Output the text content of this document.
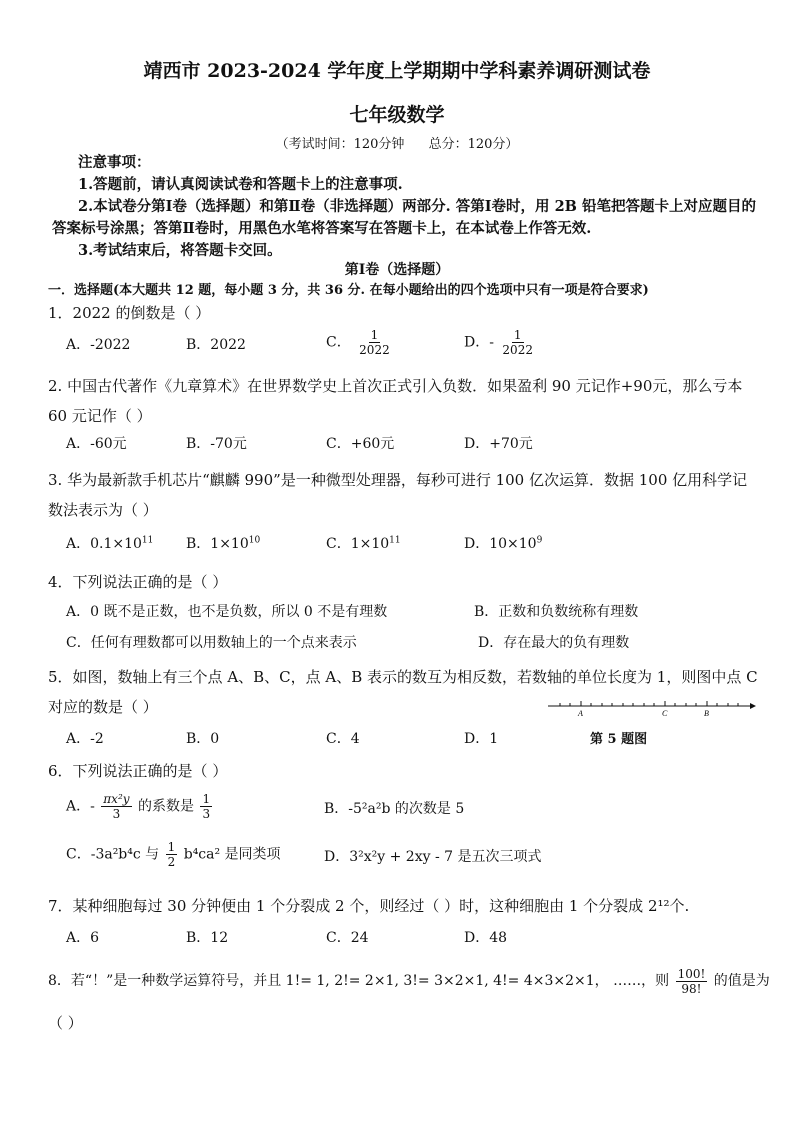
靖西市 2023-2024 学年度上学期期中学科素养调研测试卷
七年级数学
（考试时间：120分钟 总分：120分）
注意事项：
1.答题前，请认真阅读试卷和答题卡上的注意事项.
2.本试卷分第Ⅰ卷（选择题）和第Ⅱ卷（非选择题）两部分. 答第Ⅰ卷时，用 2B 铅笔把答题卡上对应题目的答案标号涂黑；答第Ⅱ卷时，用黑色水笔将答案写在答题卡上，在本试卷上作答无效.
3.考试结束后，将答题卡交回。
第Ⅰ卷（选择题）
一．选择题(本大题共 12 题，每小题 3 分，共 36 分. 在每小题给出的四个选项中只有一项是符合要求)
1．2022 的倒数是（ ）
A．-2022	B．2022	C． $\frac{1}{2022}$	D．- $\frac{1}{2022}$
2. 中国古代著作《九章算术》在世界数学史上首次正式引入负数．如果盈利 90 元记作+90元，那么亏本 60 元记作（ ）
A．-60元	B．-70元	C．+60元	D．+70元
3. 华为最新款手机芯片“麒麟 990”是一种微型处理器，每秒可进行 100 亿次运算．数据 100 亿用科学记数法表示为（ ）
A．$0.1\times 10^{11}$ B．$1\times 10^{10}$	C．$1\times 10^{11}$	D．$10\times 10^9$
4．下列说法正确的是（ ）
A．0 既不是正数，也不是负数，所以 0 不是有理数	B．正数和负数统称有理数
C．任何有理数都可以用数轴上的一个点来表示	D．存在最大的负有理数
5．如图，数轴上有三个点 A、B、C，点 A、B 表示的数互为相反数，若数轴的单位长度为 1，则图中点 C 对应的数是（ ）
A．-2	B．0	C．4	D．1
A	C	B
第 5 题图
6．下列说法正确的是（ ）
A．- $\frac{\text{πx²y}}{3}$ 的系数是 $\frac{1}{3}$	B．-5²a²b 的次数是 5
C．-3a²b⁴c 与 $\frac{1}{2} b^4ca^2$ 是同类项	D．3²x²y + 2xy - 7 是五次三项式
7．某种细胞每过 30 分钟便由 1 个分裂成 2 个，则经过（ ）时，这种细胞由 1 个分裂成 2¹²个.
A．6	B．12	C．24	D．48
8．若“！”是一种数学运算符号，并且 1!= 1, 2!= 2×1, 3!= 3×2×1, 4!= 4×3×2×1， ……，则 $\frac{100!}{98!}$ 的值是为
（ ）
